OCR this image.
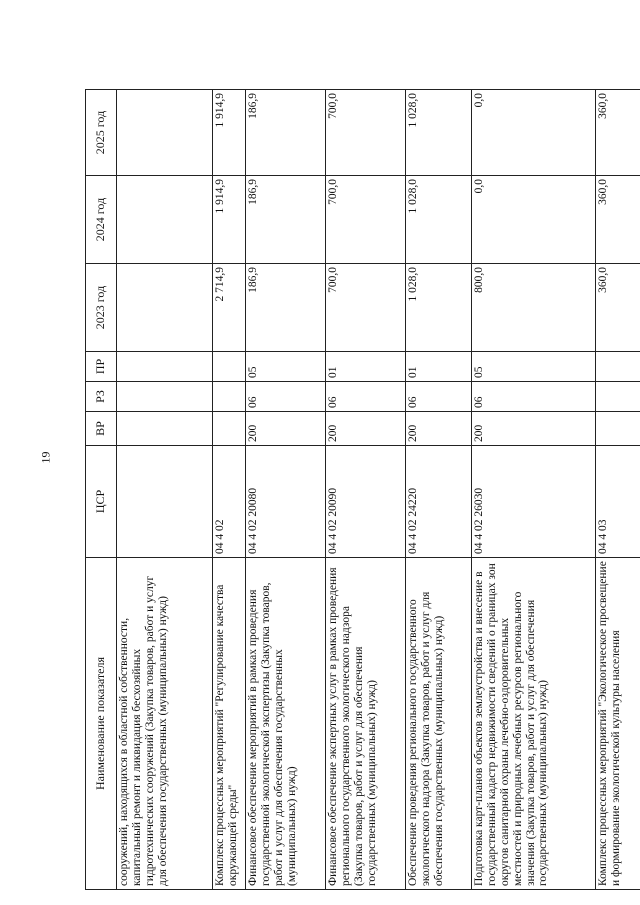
19
Наименование показателя	ЦСР	ВР	РЗ	ПР	2023 год	2024 год	2025 год
сооружений, находящихся в областной собственности, капитальный ремонт и ликвидация бесхозяйных гидротехнических сооружений (Закупка товаров, работ и услуг для обеспечения государственных (муниципальных) нужд)							
Комплекс процессных мероприятий "Регулирование качества окружающей среды"	04 4 02				2 714,9	1 914,9	1 914,9
Финансовое обеспечение мероприятий в рамках проведения государственной экологической экспертизы (Закупка товаров, работ и услуг для обеспечения государственных (муниципальных) нужд)	04 4 02 20080	200	06	05	186,9	186,9	186,9
Финансовое обеспечение экспертных услуг в рамках проведения регионального государственного экологического надзора (Закупка товаров, работ и услуг для обеспечения государственных (муниципальных) нужд)	04 4 02 20090	200	06	01	700,0	700,0	700,0
Обеспечение проведения регионального государственного экологического надзора (Закупка товаров, работ и услуг для обеспечения государственных (муниципальных) нужд)	04 4 02 24220	200	06	01	1 028,0	1 028,0	1 028,0
Подготовка карт-планов объектов землеустройства и внесение в государственный кадастр недвижимости сведений о границах зон округов санитарной охраны лечебно-оздоровительных местностей и природных лечебных ресурсов регионального значения (Закупка товаров, работ и услуг для обеспечения государственных (муниципальных) нужд)	04 4 02 26030	200	06	05	800,0	0,0	0,0
Комплекс процессных мероприятий "Экологическое просвещение и формирование экологической культуры населения	04 4 03				360,0	360,0	360,0
